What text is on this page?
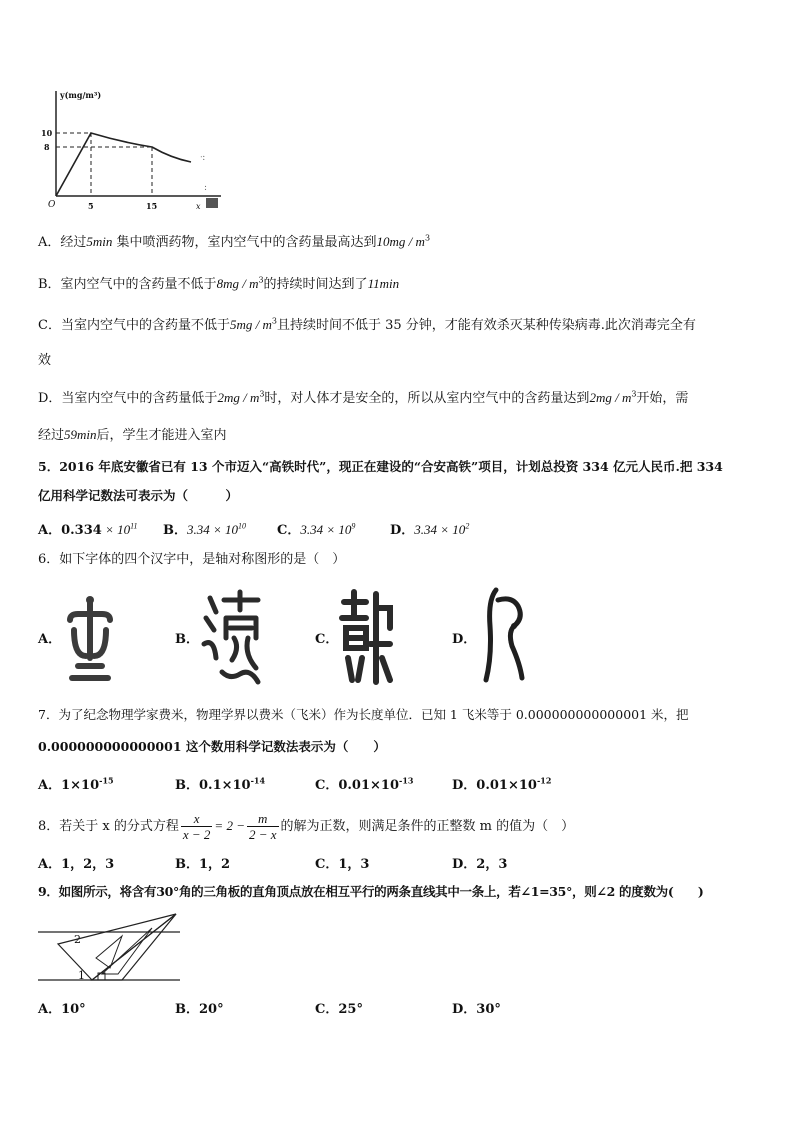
ᐧ:
:
y(mg/m³)
10
8
O	5	15	x
A．经过5min 集中喷洒药物，室内空气中的含药量最高达到$10mg / m^3$
B．室内空气中的含药量不低于$8mg / m^3$的持续时间达到了11min
C．当室内空气中的含药量不低于$5mg / m^3$且持续时间不低于 35 分钟，才能有效杀灭某种传染病毒.此次消毒完全有
效
D．当室内空气中的含药量低于$2mg / m^3$时，对人体才是安全的，所以从室内空气中的含药量达到$2mg / m^3$开始，需
经过59min后，学生才能进入室内
5．2016 年底安徽省已有 13 个市迈入“高铁时代”，现正在建设的“合安高铁”项目，计划总投资 334 亿元人民币.把 334
亿用科学记数法可表示为（　　　）
A．$0.334 \times 10^{11}$ B．$3.34 \times 10^{10}$ C．$3.34 \times 10^9$	D．$3.34 \times 10^2$
6．如下字体的四个汉字中，是轴对称图形的是（　）
A．	B．	C．	D．
7．为了纪念物理学家费米，物理学界以费米（飞米）作为长度单位．已知 1 飞米等于 0.000000000000001 米，把
0.000000000000001 这个数用科学记数法表示为（　　）
A．$1\times 10^{-15}$	B．$0.1\times 10^{-14}$	C．$0.01\times 10^{-13}$	D．$0.01\times 10^{-12}$
8．若关于 x 的分式方程 $\frac{x}{x - 2} = 2 - \frac{m}{2 - x}$ 的解为正数，则满足条件的正整数 m 的值为（　）
A．1，2，3	B．1，2	C．1，3	D．2，3
9．如图所示，将含有30°角的三角板的直角顶点放在相互平行的两条直线其中一条上，若∠1=35°，则∠2 的度数为(　　)
2
1
A．10°	B．20°	C．25°	D．30°
